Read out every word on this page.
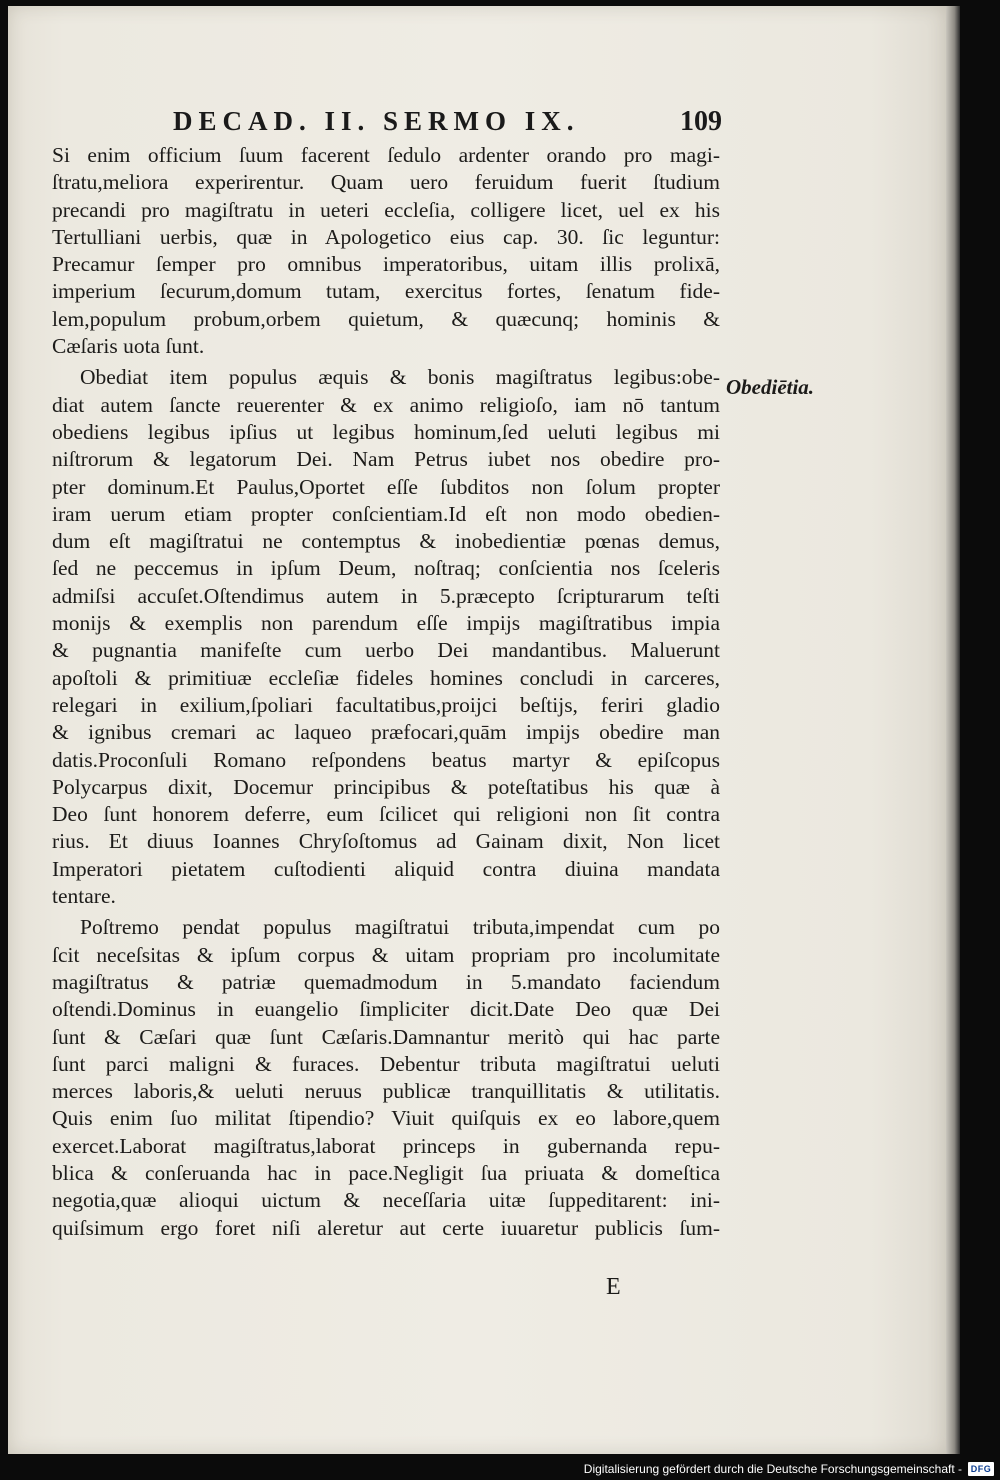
DECAD. II. SERMO IX.	109
Si enim officium ſuum facerent ſedulo ardenter orando pro magi-
ſtratu,meliora experirentur. Quam uero feruidum fuerit ſtudium
precandi pro magiſtratu in ueteri eccleſia, colligere licet, uel ex his
Tertulliani uerbis, quæ in Apologetico eius cap. 30. ſic leguntur:
Precamur ſemper pro omnibus imperatoribus, uitam illis prolixā,
imperium ſecurum,domum tutam, exercitus fortes, ſenatum fide-
lem,populum probum,orbem quietum, & quæcunq; hominis &
Cæſaris uota ſunt.
Obediat item populus æquis & bonis magiſtratus legibus:obe-
diat autem ſancte reuerenter & ex animo religioſo, iam nō tantum
obediens legibus ipſius ut legibus hominum,ſed ueluti legibus mi
niſtrorum & legatorum Dei. Nam Petrus iubet nos obedire pro-
pter dominum.Et Paulus,Oportet eſſe ſubditos non ſolum propter
iram uerum etiam propter conſcientiam.Id eſt non modo obedien-
dum eſt magiſtratui ne contemptus & inobedientiæ pœnas demus,
ſed ne peccemus in ipſum Deum, noſtraq; conſcientia nos ſceleris
admiſsi accuſet.Oſtendimus autem in 5.præcepto ſcripturarum teſti
monijs & exemplis non parendum eſſe impijs magiſtratibus impia
& pugnantia manifeſte cum uerbo Dei mandantibus. Maluerunt
apoſtoli & primitiuæ eccleſiæ fideles homines concludi in carceres,
relegari in exilium,ſpoliari facultatibus,proijci beſtijs, feriri gladio
& ignibus cremari ac laqueo præfocari,quām impijs obedire man
datis.Proconſuli Romano reſpondens beatus martyr & epiſcopus
Polycarpus dixit, Docemur principibus & poteſtatibus his quæ à
Deo ſunt honorem deferre, eum ſcilicet qui religioni non ſit contra
rius. Et diuus Ioannes Chryſoſtomus ad Gainam dixit, Non licet
Imperatori pietatem cuſtodienti aliquid contra diuina mandata
tentare.
Poſtremo pendat populus magiſtratui tributa,impendat cum po
ſcit neceſsitas & ipſum corpus & uitam propriam pro incolumitate
magiſtratus & patriæ quemadmodum in 5.mandato faciendum
oſtendi.Dominus in euangelio ſimpliciter dicit.Date Deo quæ Dei
ſunt & Cæſari quæ ſunt Cæſaris.Damnantur meritò qui hac parte
ſunt parci maligni & furaces. Debentur tributa magiſtratui ueluti
merces laboris,& ueluti neruus publicæ tranquillitatis & utilitatis.
Quis enim ſuo militat ſtipendio? Viuit quiſquis ex eo labore,quem
exercet.Laborat magiſtratus,laborat princeps in gubernanda repu-
blica & conſeruanda hac in pace.Negligit ſua priuata & domeſtica
negotia,quæ alioqui uictum & neceſſaria uitæ ſuppeditarent: ini-
quiſsimum ergo foret niſi aleretur aut certe iuuaretur publicis ſum-
Obediētia.
E
Digitalisierung gefördert durch die Deutsche Forschungsgemeinschaft - DFG
